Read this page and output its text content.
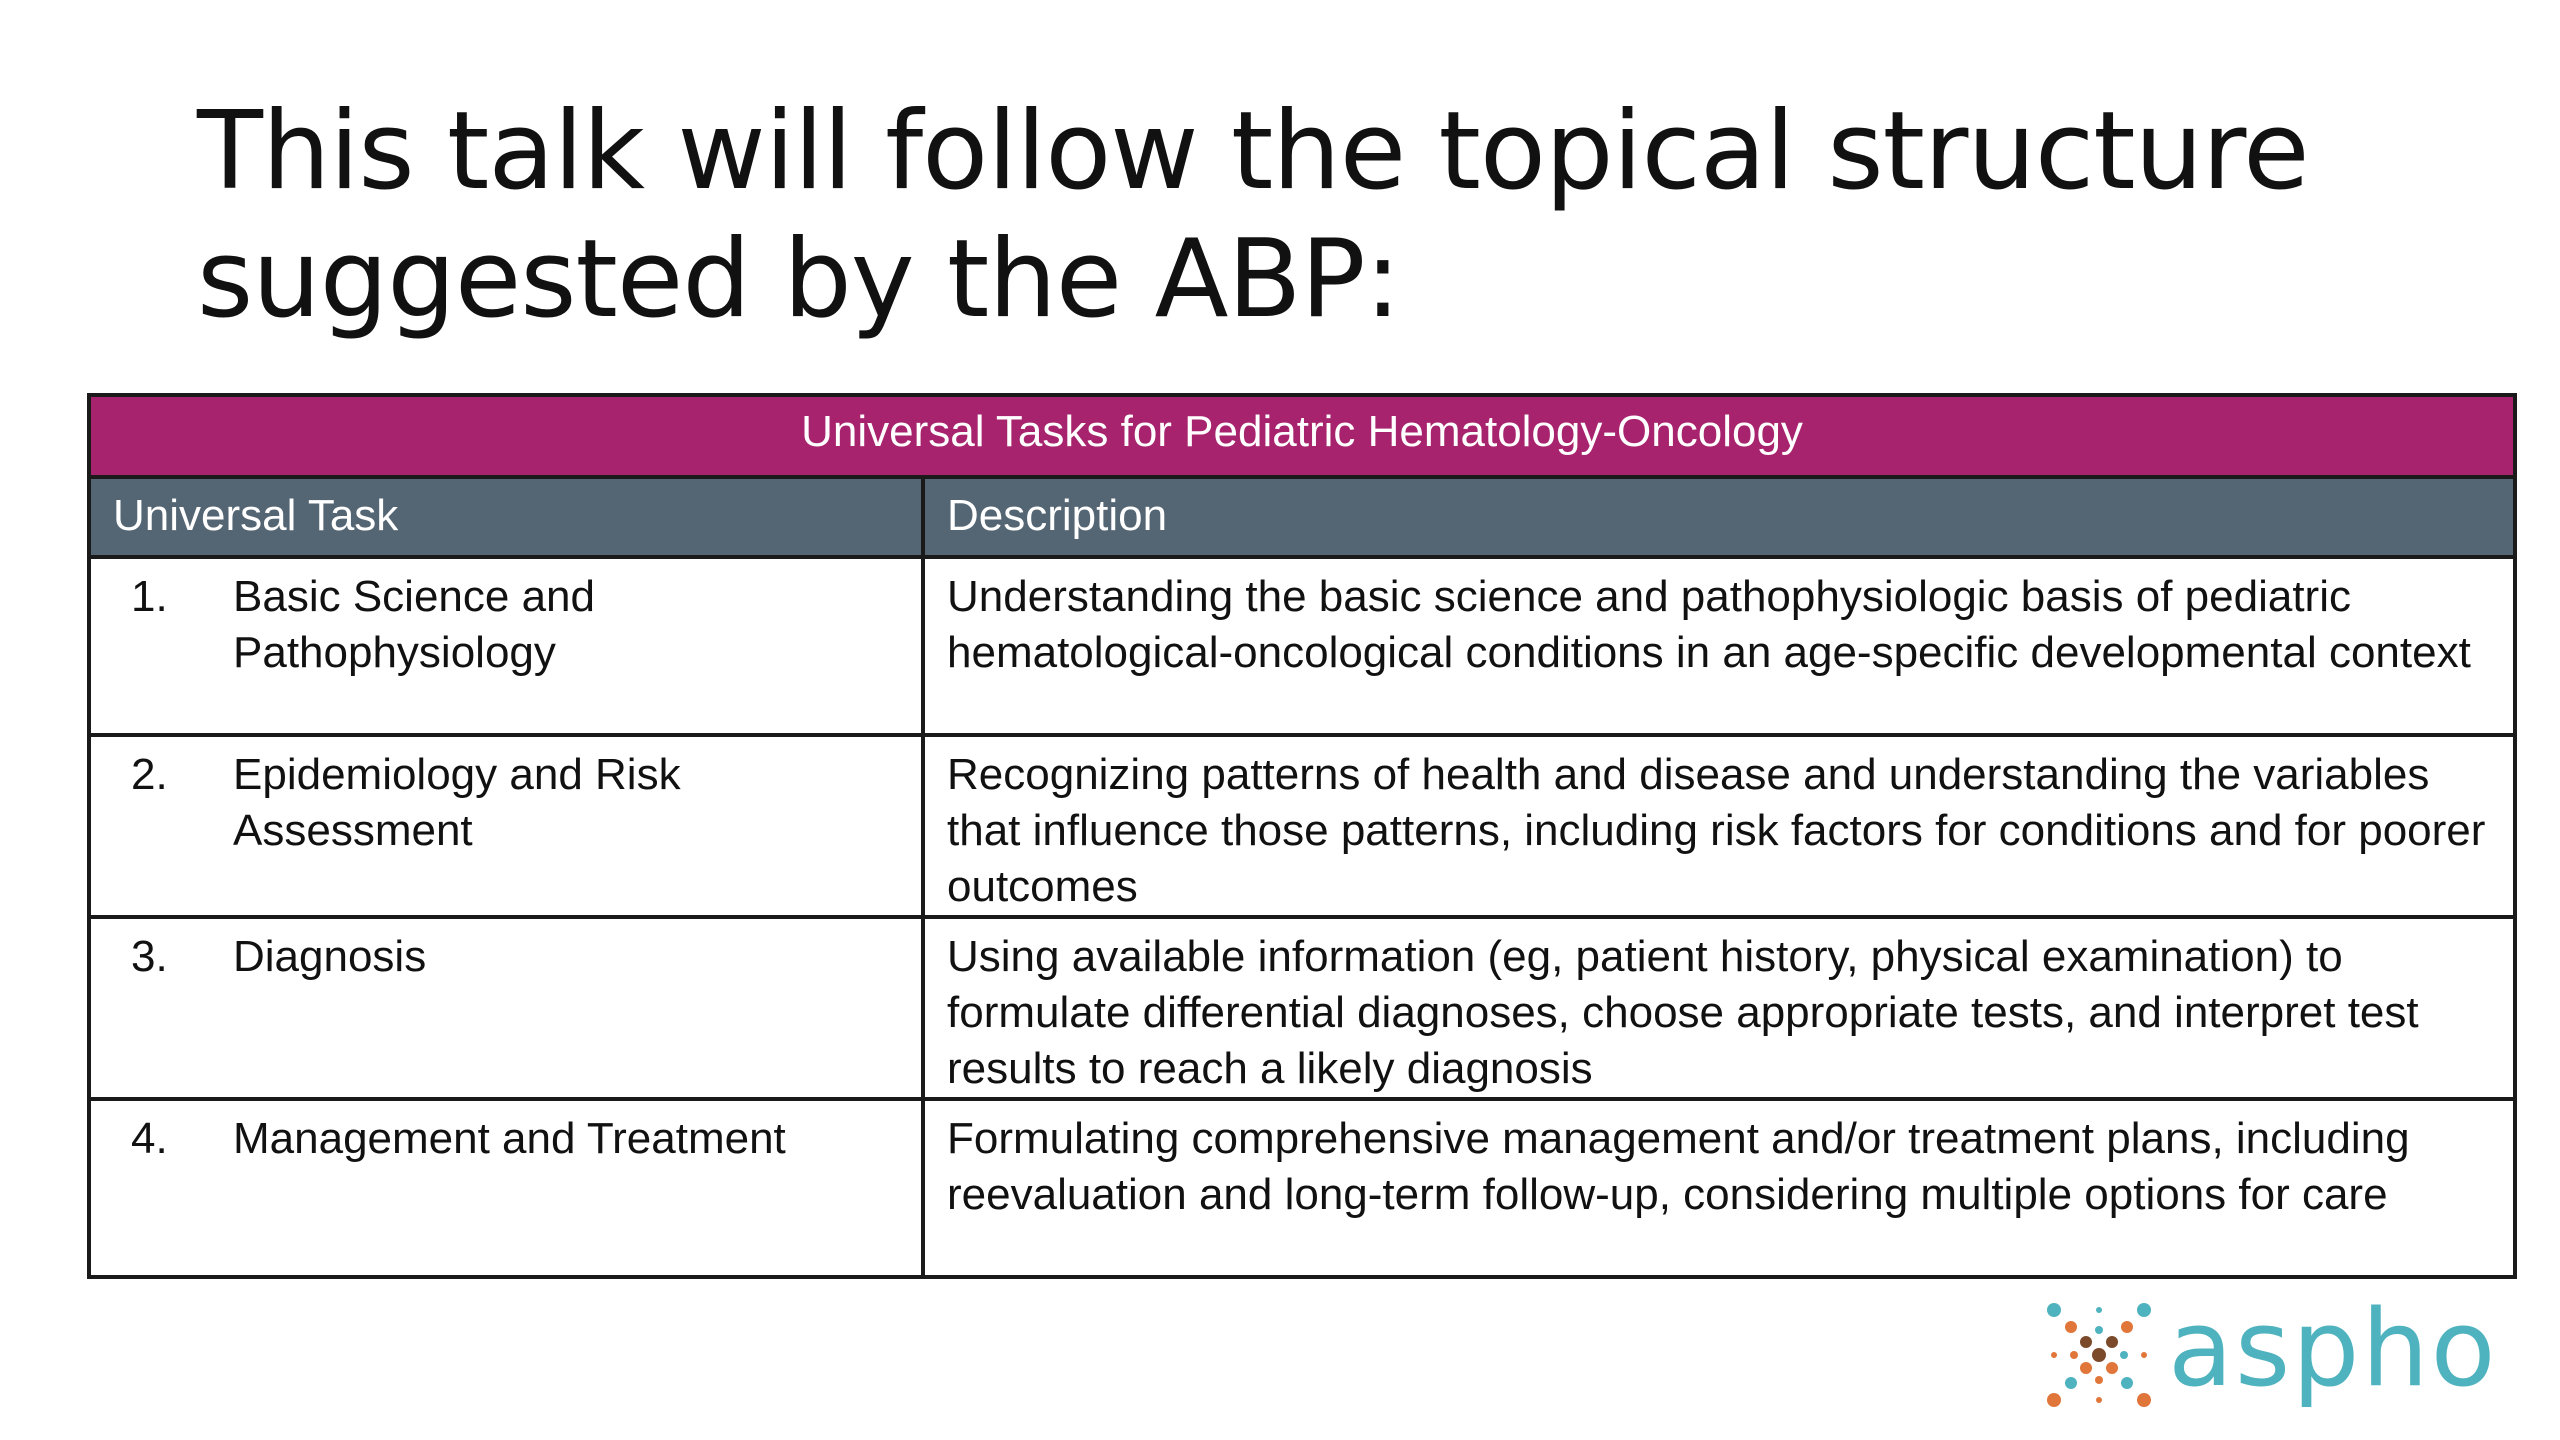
This talk will follow the topical structure
suggested by the ABP:
Universal Tasks for Pediatric Hematology-Oncology	
Universal Task	Description

1. Basic Science and Pathophysiology	Understanding the basic science and pathophysiologic basis of pediatric hematological-oncological conditions in an age-specific developmental context

2. Epidemiology and Risk Assessment	Recognizing patterns of health and disease and understanding the variables that influence those patterns, including risk factors for conditions and for poorer outcomes

3. Diagnosis	Using available information (eg, patient history, physical examination) to formulate differential diagnoses, choose appropriate tests, and interpret test results to reach a likely diagnosis

4. Management and Treatment	Formulating comprehensive management and/or treatment plans, including reevaluation and long-term follow-up, considering multiple options for care
aspho
